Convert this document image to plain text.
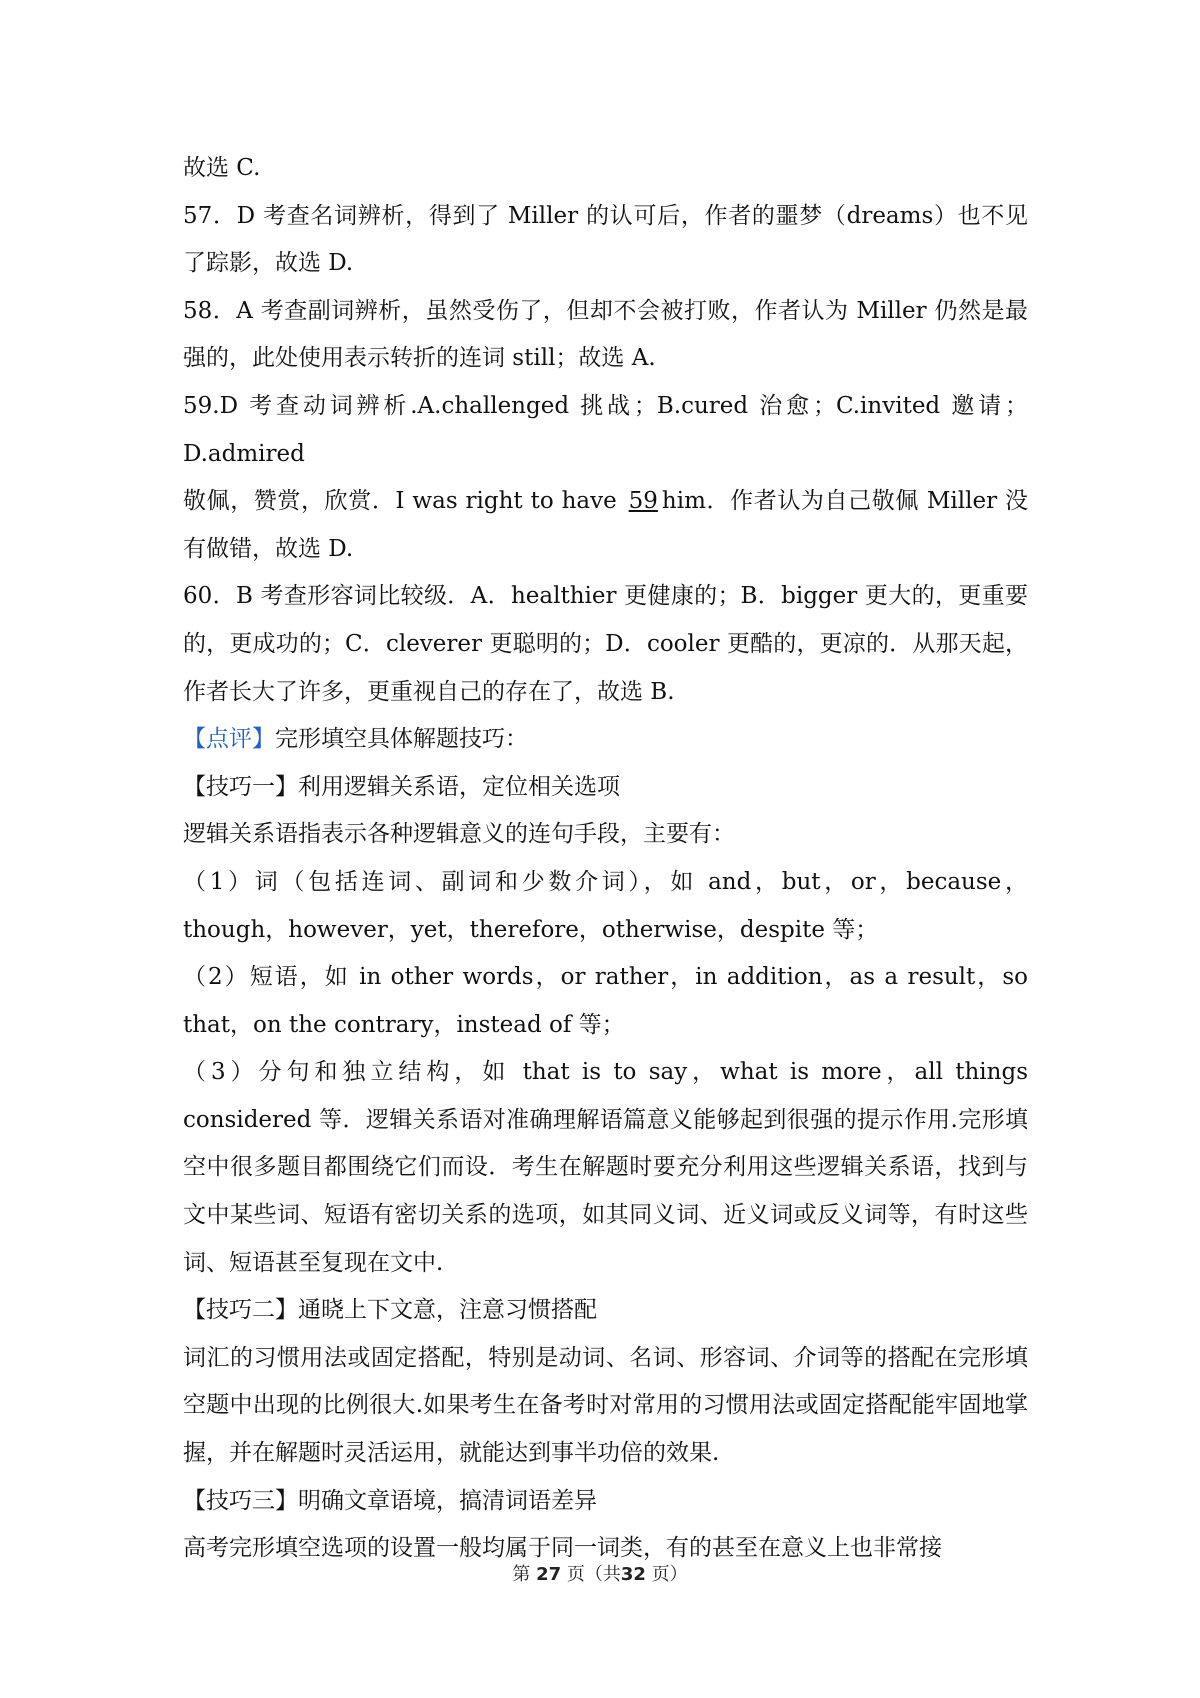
故选 C.

57．D 考查名词辨析，得到了 Miller 的认可后，作者的噩梦（dreams）也不见了踪影，故选 D.

58．A 考查副词辨析，虽然受伤了，但却不会被打败，作者认为 Miller 仍然是最强的，此处使用表示转折的连词 still；故选 A.

59.D 考查动词辨析.A.challenged 挑战；B.cured 治愈；C.invited 邀请；D.admired

敬佩，赞赏，欣赏．I was right to have 59 him．作者认为自己敬佩 Miller 没有做错，故选 D.

60．B 考查形容词比较级．A．healthier 更健康的；B．bigger 更大的，更重要的，更成功的；C．cleverer 更聪明的；D．cooler 更酷的，更凉的．从那天起，作者长大了许多，更重视自己的存在了，故选 B.

【点评】完形填空具体解题技巧：

【技巧一】利用逻辑关系语，定位相关选项

逻辑关系语指表示各种逻辑意义的连句手段，主要有：

（1）词（包括连词、副词和少数介词），如 and，but，or，because，though，however，yet，therefore，otherwise，despite 等；

（2）短语，如 in other words，or rather，in addition，as a result，so that，on the contrary，instead of 等；

（3）分句和独立结构，如 that is to say，what is more，all things considered 等．逻辑关系语对准确理解语篇意义能够起到很强的提示作用.完形填空中很多题目都围绕它们而设．考生在解题时要充分利用这些逻辑关系语，找到与文中某些词、短语有密切关系的选项，如其同义词、近义词或反义词等，有时这些词、短语甚至复现在文中.

【技巧二】通晓上下文意，注意习惯搭配

词汇的习惯用法或固定搭配，特别是动词、名词、形容词、介词等的搭配在完形填空题中出现的比例很大.如果考生在备考时对常用的习惯用法或固定搭配能牢固地掌握，并在解题时灵活运用，就能达到事半功倍的效果.

【技巧三】明确文章语境，搞清词语差异

高考完形填空选项的设置一般均属于同一词类，有的甚至在意义上也非常接

第 27 页（共32 页）
